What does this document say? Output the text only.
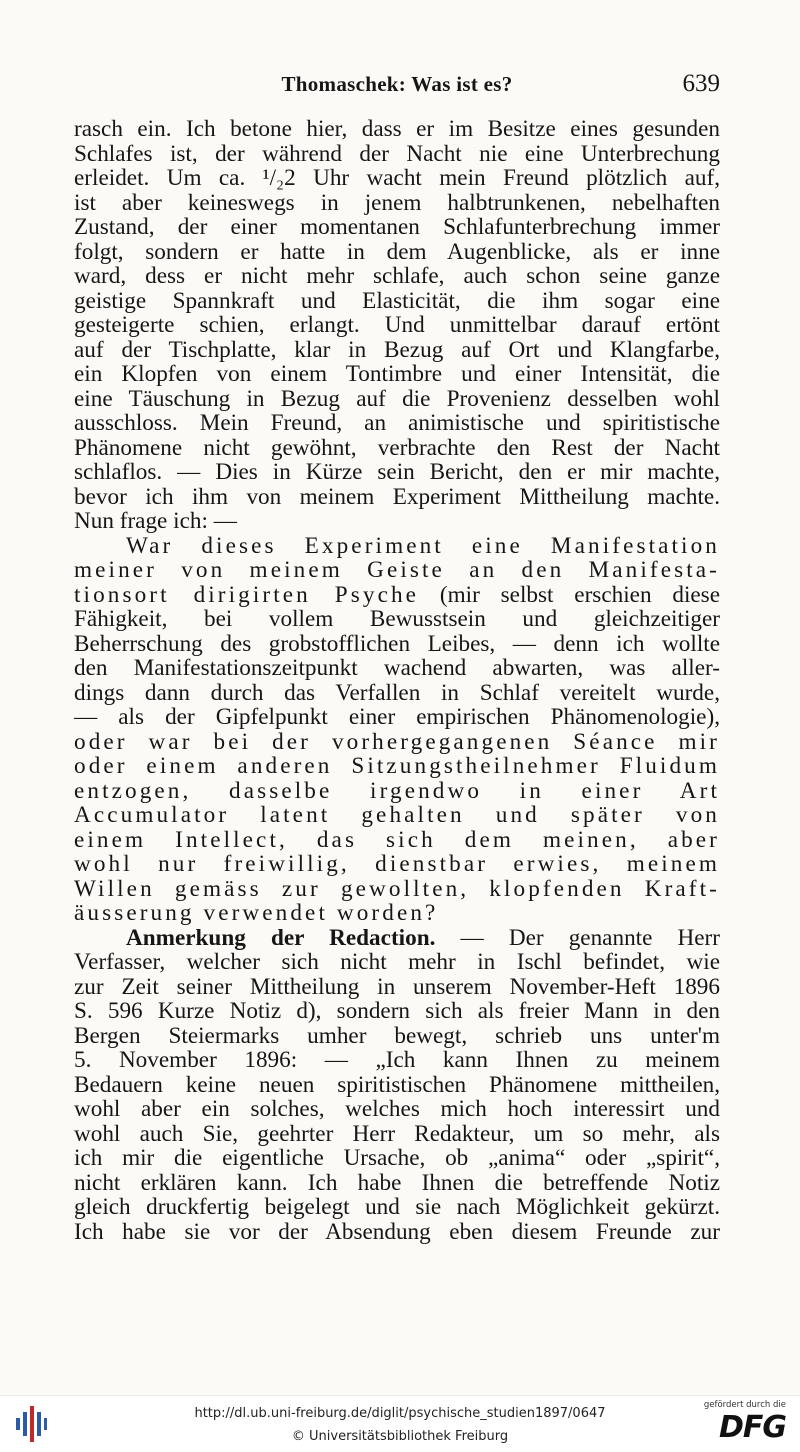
Thomaschek: Was ist es?	639
rasch ein. Ich betone hier, dass er im Besitze eines gesunden
Schlafes ist, der während der Nacht nie eine Unterbrechung
erleidet. Um ca. ¹/₂2 Uhr wacht mein Freund plötzlich auf,
ist aber keineswegs in jenem halbtrunkenen, nebelhaften
Zustand, der einer momentanen Schlafunterbrechung immer
folgt, sondern er hatte in dem Augenblicke, als er inne
ward, dess er nicht mehr schlafe, auch schon seine ganze
geistige Spannkraft und Elasticität, die ihm sogar eine
gesteigerte schien, erlangt. Und unmittelbar darauf ertönt
auf der Tischplatte, klar in Bezug auf Ort und Klangfarbe,
ein Klopfen von einem Tontimbre und einer Intensität, die
eine Täuschung in Bezug auf die Provenienz desselben wohl
ausschloss. Mein Freund, an animistische und spiritistische
Phänomene nicht gewöhnt, verbrachte den Rest der Nacht
schlaflos. — Dies in Kürze sein Bericht, den er mir machte,
bevor ich ihm von meinem Experiment Mittheilung machte.
Nun frage ich: —
War dieses Experiment eine Manifestation
meiner von meinem Geiste an den Manifesta-
tionsort dirigirten Psyche (mir selbst erschien diese
Fähigkeit, bei vollem Bewusstsein und gleichzeitiger
Beherrschung des grobstofflichen Leibes, — denn ich wollte
den Manifestationszeitpunkt wachend abwarten, was aller-
dings dann durch das Verfallen in Schlaf vereitelt wurde,
— als der Gipfelpunkt einer empirischen Phänomenologie),
oder war bei der vorhergegangenen Séance mir
oder einem anderen Sitzungstheilnehmer Fluidum
entzogen, dasselbe irgendwo in einer Art
Accumulator latent gehalten und später von
einem Intellect, das sich dem meinen, aber
wohl nur freiwillig, dienstbar erwies, meinem
Willen gemäss zur gewollten, klopfenden Kraft-
äusserung verwendet worden?
Anmerkung der Redaction. — Der genannte Herr
Verfasser, welcher sich nicht mehr in Ischl befindet, wie
zur Zeit seiner Mittheilung in unserem November-Heft 1896
S. 596 Kurze Notiz d), sondern sich als freier Mann in den
Bergen Steiermarks umher bewegt, schrieb uns unter'm
5. November 1896: — „Ich kann Ihnen zu meinem
Bedauern keine neuen spiritistischen Phänomene mittheilen,
wohl aber ein solches, welches mich hoch interessirt und
wohl auch Sie, geehrter Herr Redakteur, um so mehr, als
ich mir die eigentliche Ursache, ob „anima“ oder „spirit“,
nicht erklären kann. Ich habe Ihnen die betreffende Notiz
gleich druckfertig beigelegt und sie nach Möglichkeit gekürzt.
Ich habe sie vor der Absendung eben diesem Freunde zur
http://dl.ub.uni-freiburg.de/diglit/psychische_studien1897/0647
© Universitätsbibliothek Freiburg
gefördert durch die
DFG
